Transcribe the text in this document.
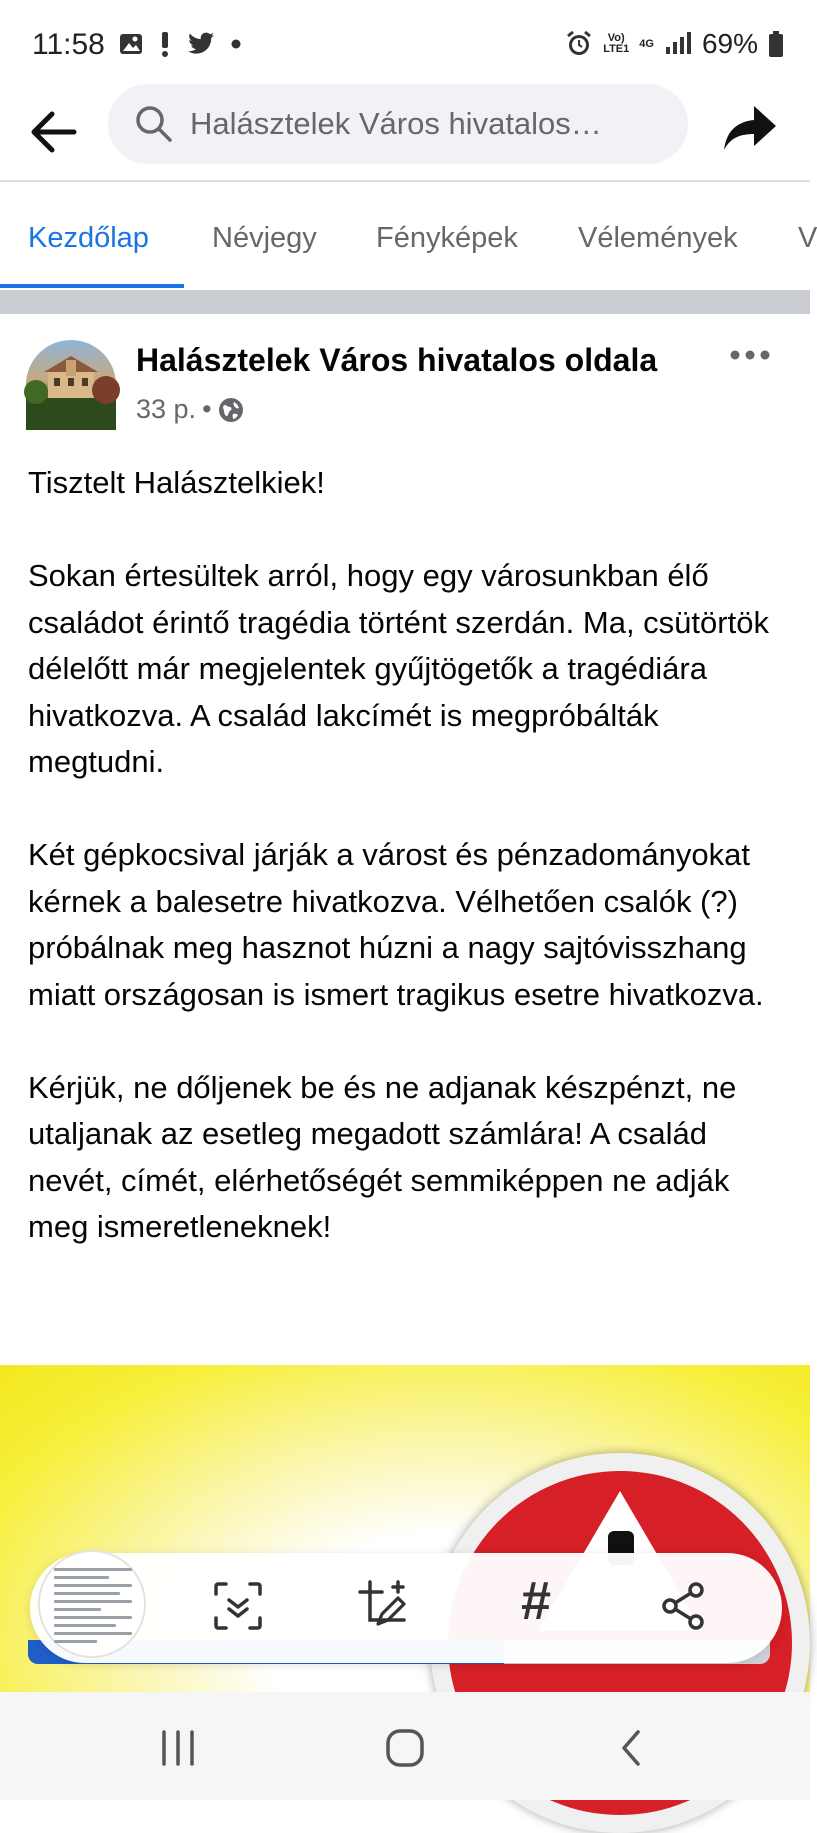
11:58	Vo)
LTE1 4G 69%
Halásztelek Város hivatalos…
Kezdőlap Névjegy Fényképek Vélemények V
Halásztelek Város hivatalos oldala
33 p. •

Tisztelt Halásztelkiek!

Sokan értesültek arról, hogy egy városunkban élő családot érintő tragédia történt szerdán. Ma, csütörtök délelőtt már megjelentek gyűjtögetők a tragédiára hivatkozva. A család lakcímét is megpróbálták megtudni.

Két gépkocsival járják a várost és pénzadományokat kérnek a balesetre hivatkozva. Vélhetően csalók (?) próbálnak meg hasznot húzni a nagy sajtóvisszhang miatt országosan is ismert tragikus esetre hivatkozva.

Kérjük, ne dőljenek be és ne adjanak készpénzt, ne utaljanak az esetleg megadott számlára! A család nevét, címét, elérhetőségét semmiképpen ne adják meg ismeretleneknek!

#
